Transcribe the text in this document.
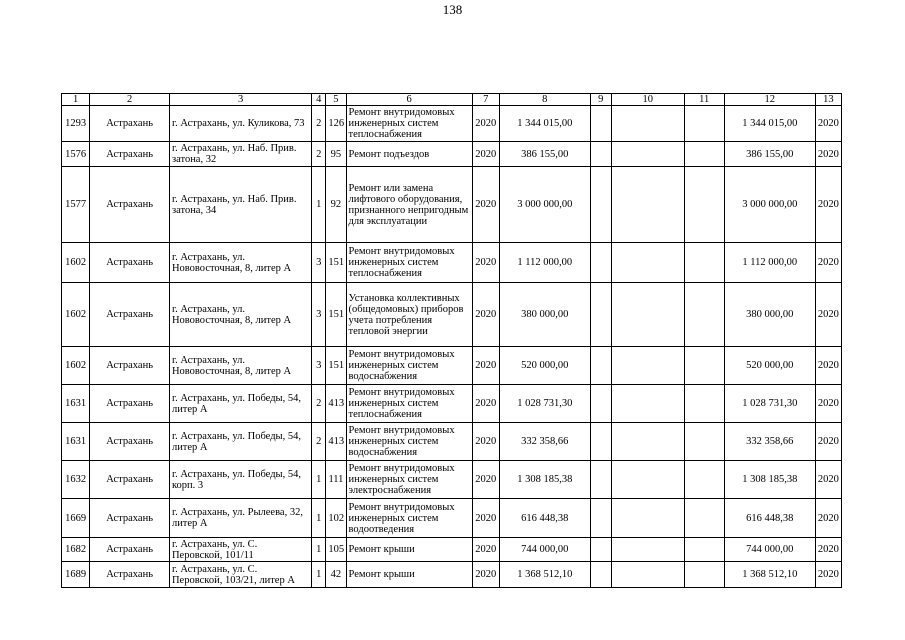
138
1	2	3	4	5	6	7	8	9	10	11	12	13
1293	Астрахань	г. Астрахань, ул. Куликова, 73	2	126	Ремонт внутридомовых инженерных систем теплоснабжения	2020	1 344 015,00				1 344 015,00	2020
1576	Астрахань	г. Астрахань, ул. Наб. Прив. затона, 32	2	95	Ремонт подъездов	2020	386 155,00				386 155,00	2020
1577	Астрахань	г. Астрахань, ул. Наб. Прив. затона, 34	1	92	Ремонт или замена лифтового оборудования, признанного непригодным для эксплуатации	2020	3 000 000,00				3 000 000,00	2020
1602	Астрахань	г. Астрахань, ул. Нововосточная, 8, литер А	3	151	Ремонт внутридомовых инженерных систем теплоснабжения	2020	1 112 000,00				1 112 000,00	2020
1602	Астрахань	г. Астрахань, ул. Нововосточная, 8, литер А	3	151	Установка коллективных (общедомовых) приборов учета потребления тепловой энергии	2020	380 000,00				380 000,00	2020
1602	Астрахань	г. Астрахань, ул. Нововосточная, 8, литер А	3	151	Ремонт внутридомовых инженерных систем водоснабжения	2020	520 000,00				520 000,00	2020
1631	Астрахань	г. Астрахань, ул. Победы, 54, литер А	2	413	Ремонт внутридомовых инженерных систем теплоснабжения	2020	1 028 731,30				1 028 731,30	2020
1631	Астрахань	г. Астрахань, ул. Победы, 54, литер А	2	413	Ремонт внутридомовых инженерных систем водоснабжения	2020	332 358,66				332 358,66	2020
1632	Астрахань	г. Астрахань, ул. Победы, 54, корп. 3	1	111	Ремонт внутридомовых инженерных систем электроснабжения	2020	1 308 185,38				1 308 185,38	2020
1669	Астрахань	г. Астрахань, ул. Рылеева, 32, литер А	1	102	Ремонт внутридомовых инженерных систем водоотведения	2020	616 448,38				616 448,38	2020
1682	Астрахань	г. Астрахань, ул. С. Перовской, 101/11	1	105	Ремонт крыши	2020	744 000,00				744 000,00	2020
1689	Астрахань	г. Астрахань, ул. С. Перовской, 103/21, литер А	1	42	Ремонт крыши	2020	1 368 512,10				1 368 512,10	2020
